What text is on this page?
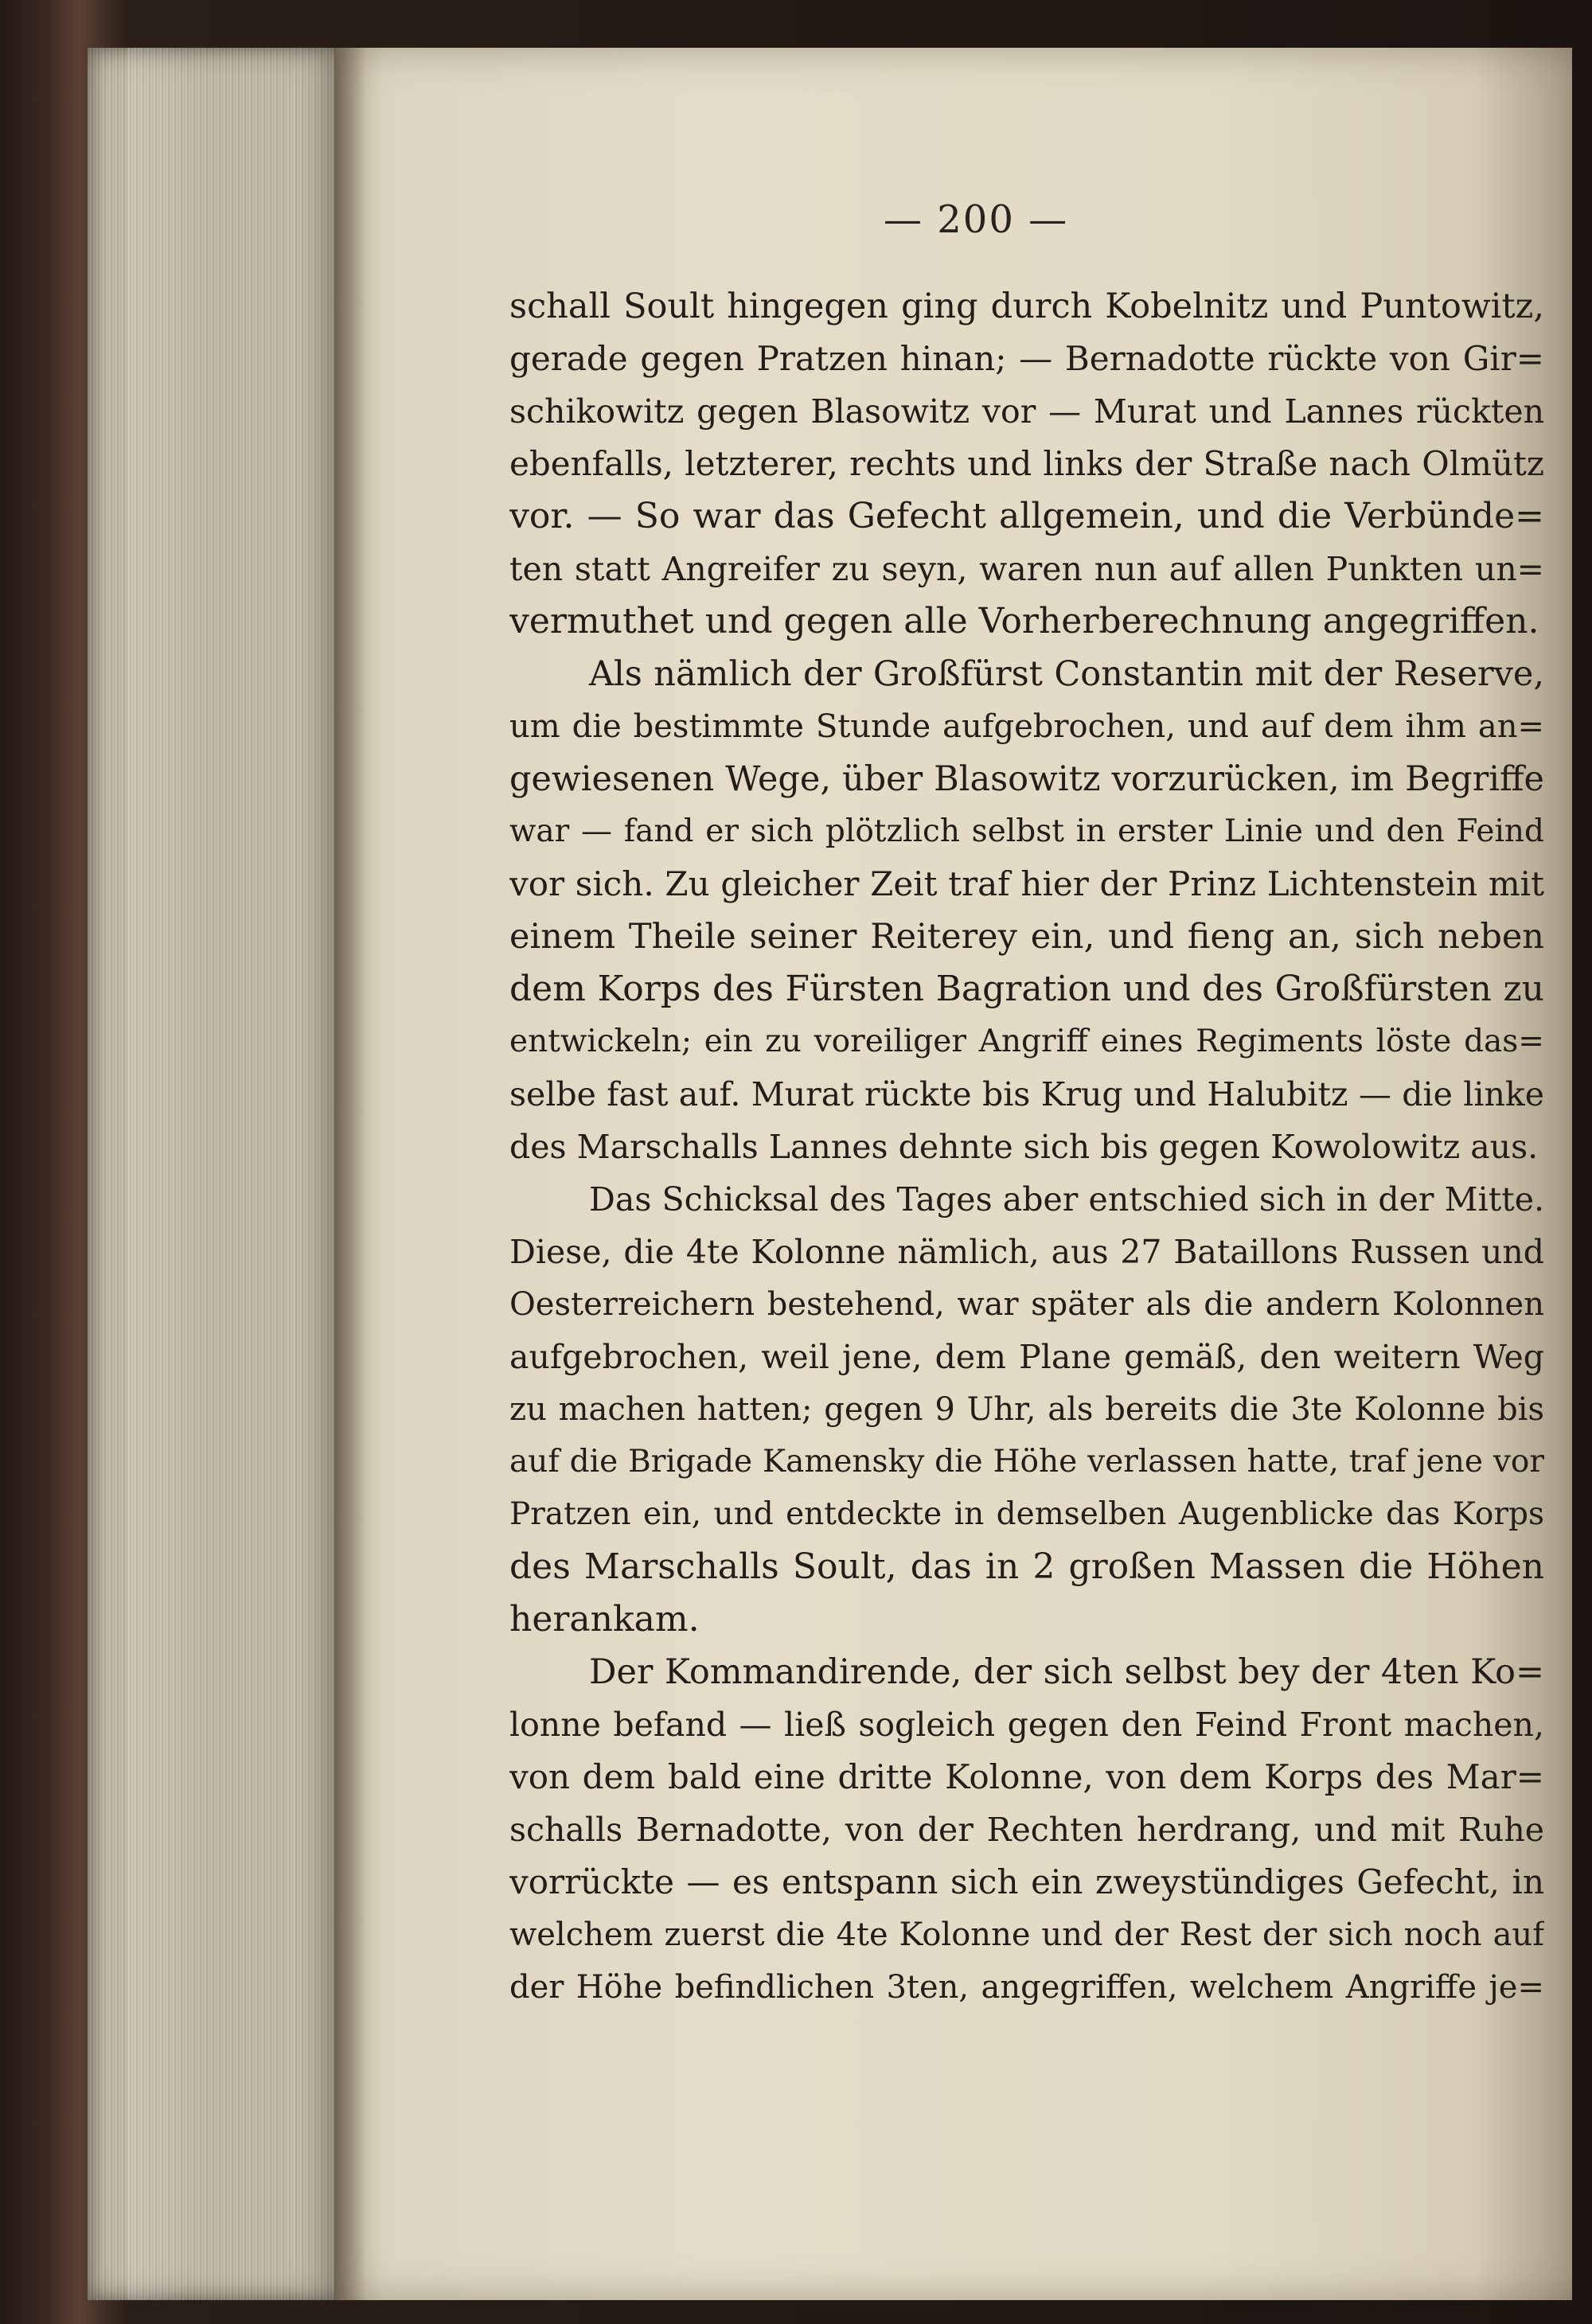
— 200 —
schall Soult hingegen ging durch Kobelnitz und Puntowitz,
gerade gegen Pratzen hinan; — Bernadotte rückte von Gir=
schikowitz gegen Blasowitz vor — Murat und Lannes rückten
ebenfalls, letzterer, rechts und links der Straße nach Olmütz
vor. — So war das Gefecht allgemein, und die Verbünde=
ten statt Angreifer zu seyn, waren nun auf allen Punkten un=
vermuthet und gegen alle Vorherberechnung angegriffen.
Als nämlich der Großfürst Constantin mit der Reserve,
um die bestimmte Stunde aufgebrochen, und auf dem ihm an=
gewiesenen Wege, über Blasowitz vorzurücken, im Begriffe
war — fand er sich plötzlich selbst in erster Linie und den Feind
vor sich. Zu gleicher Zeit traf hier der Prinz Lichtenstein mit
einem Theile seiner Reiterey ein, und fieng an, sich neben
dem Korps des Fürsten Bagration und des Großfürsten zu
entwickeln; ein zu voreiliger Angriff eines Regiments löste das=
selbe fast auf. Murat rückte bis Krug und Halubitz — die linke
des Marschalls Lannes dehnte sich bis gegen Kowolowitz aus.
Das Schicksal des Tages aber entschied sich in der Mitte.
Diese, die 4te Kolonne nämlich, aus 27 Bataillons Russen und
Oesterreichern bestehend, war später als die andern Kolonnen
aufgebrochen, weil jene, dem Plane gemäß, den weitern Weg
zu machen hatten; gegen 9 Uhr, als bereits die 3te Kolonne bis
auf die Brigade Kamensky die Höhe verlassen hatte, traf jene vor
Pratzen ein, und entdeckte in demselben Augenblicke das Korps
des Marschalls Soult, das in 2 großen Massen die Höhen
herankam.
Der Kommandirende, der sich selbst bey der 4ten Ko=
lonne befand — ließ sogleich gegen den Feind Front machen,
von dem bald eine dritte Kolonne, von dem Korps des Mar=
schalls Bernadotte, von der Rechten herdrang, und mit Ruhe
vorrückte — es entspann sich ein zweystündiges Gefecht, in
welchem zuerst die 4te Kolonne und der Rest der sich noch auf
der Höhe befindlichen 3ten, angegriffen, welchem Angriffe je=
